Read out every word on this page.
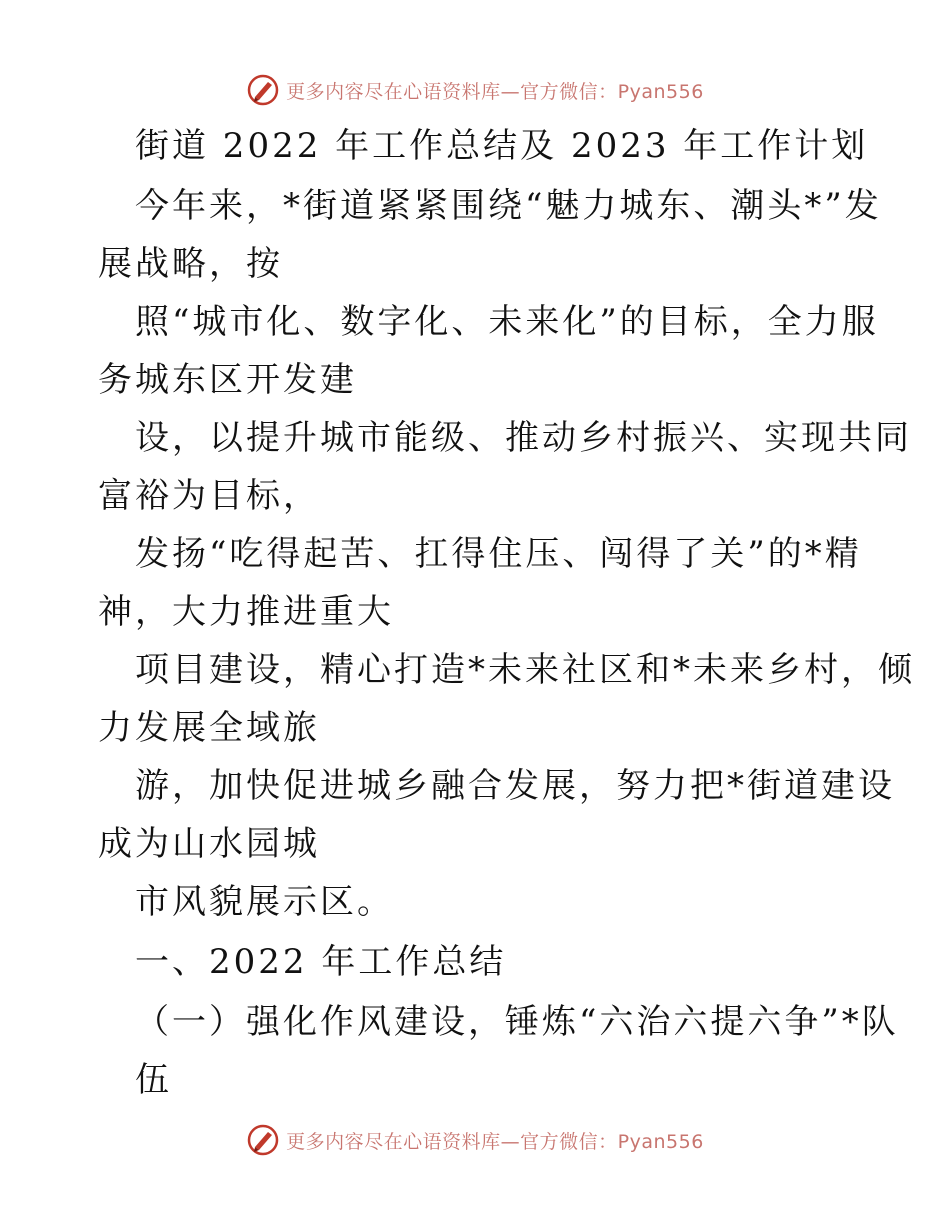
更多内容尽在心语资料库—官方微信：Pyan556
街道 2022 年工作总结及 2023 年工作计划
今年来，*街道紧紧围绕“魅力城东、潮头*”发
展战略，按
照“城市化、数字化、未来化”的目标，全力服
务城东区开发建
设，以提升城市能级、推动乡村振兴、实现共同
富裕为目标，
发扬“吃得起苦、扛得住压、闯得了关”的*精
神，大力推进重大
项目建设，精心打造*未来社区和*未来乡村，倾
力发展全域旅
游，加快促进城乡融合发展，努力把*街道建设
成为山水园城
市风貌展示区。
一、2022 年工作总结
（一）强化作风建设，锤炼“六治六提六争”*队
伍
更多内容尽在心语资料库—官方微信：Pyan556
